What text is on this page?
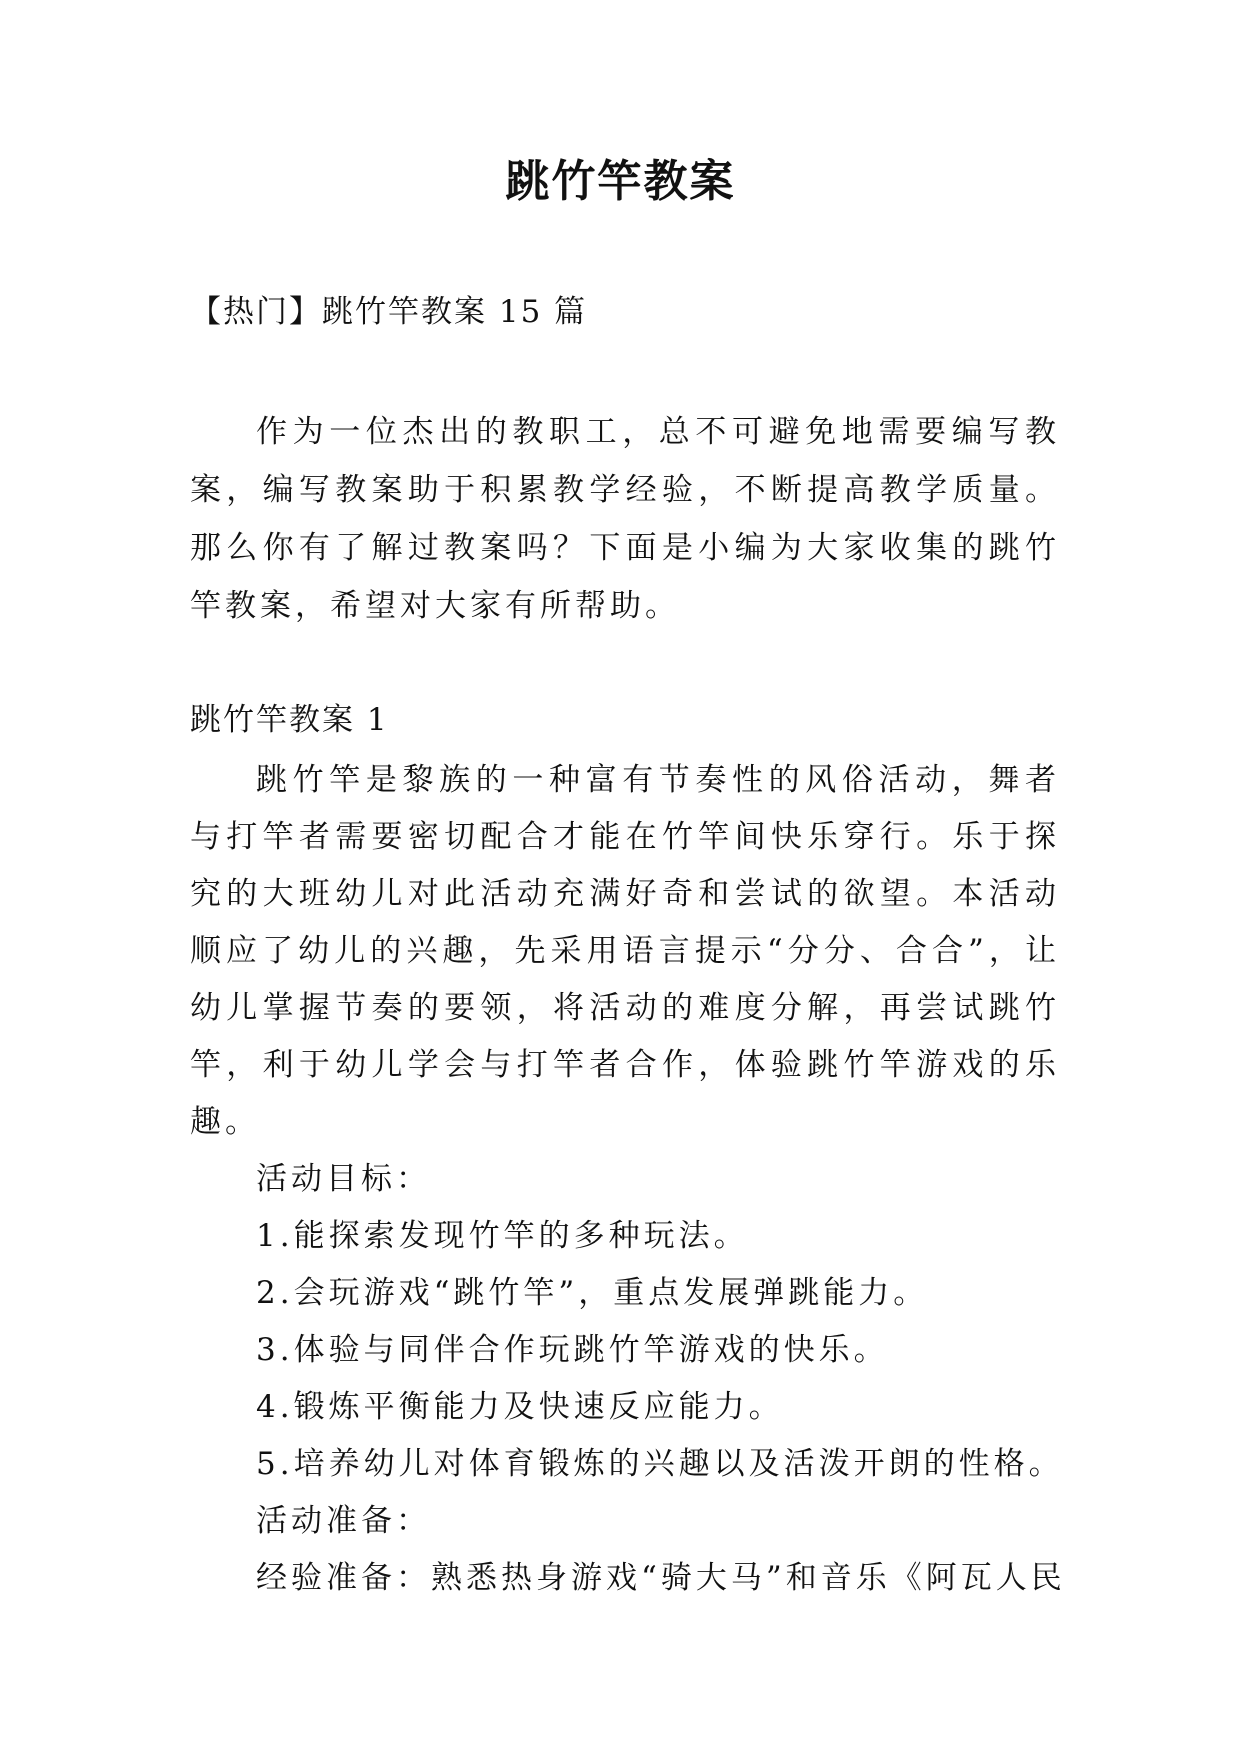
跳竹竿教案

【热门】跳竹竿教案 15 篇

作为一位杰出的教职工，总不可避免地需要编写教案，编写教案助于积累教学经验，不断提高教学质量。那么你有了解过教案吗？下面是小编为大家收集的跳竹竿教案，希望对大家有所帮助。

跳竹竿教案 1

跳竹竿是黎族的一种富有节奏性的风俗活动，舞者与打竿者需要密切配合才能在竹竿间快乐穿行。乐于探究的大班幼儿对此活动充满好奇和尝试的欲望。本活动顺应了幼儿的兴趣，先采用语言提示“分分、合合”，让幼儿掌握节奏的要领，将活动的难度分解，再尝试跳竹竿，利于幼儿学会与打竿者合作，体验跳竹竿游戏的乐趣。

活动目标：
1.能探索发现竹竿的多种玩法。
2.会玩游戏“跳竹竿”，重点发展弹跳能力。
3.体验与同伴合作玩跳竹竿游戏的快乐。
4.锻炼平衡能力及快速反应能力。
5.培养幼儿对体育锻炼的兴趣以及活泼开朗的性格。
活动准备：
经验准备：熟悉热身游戏“骑大马”和音乐《阿瓦人民
